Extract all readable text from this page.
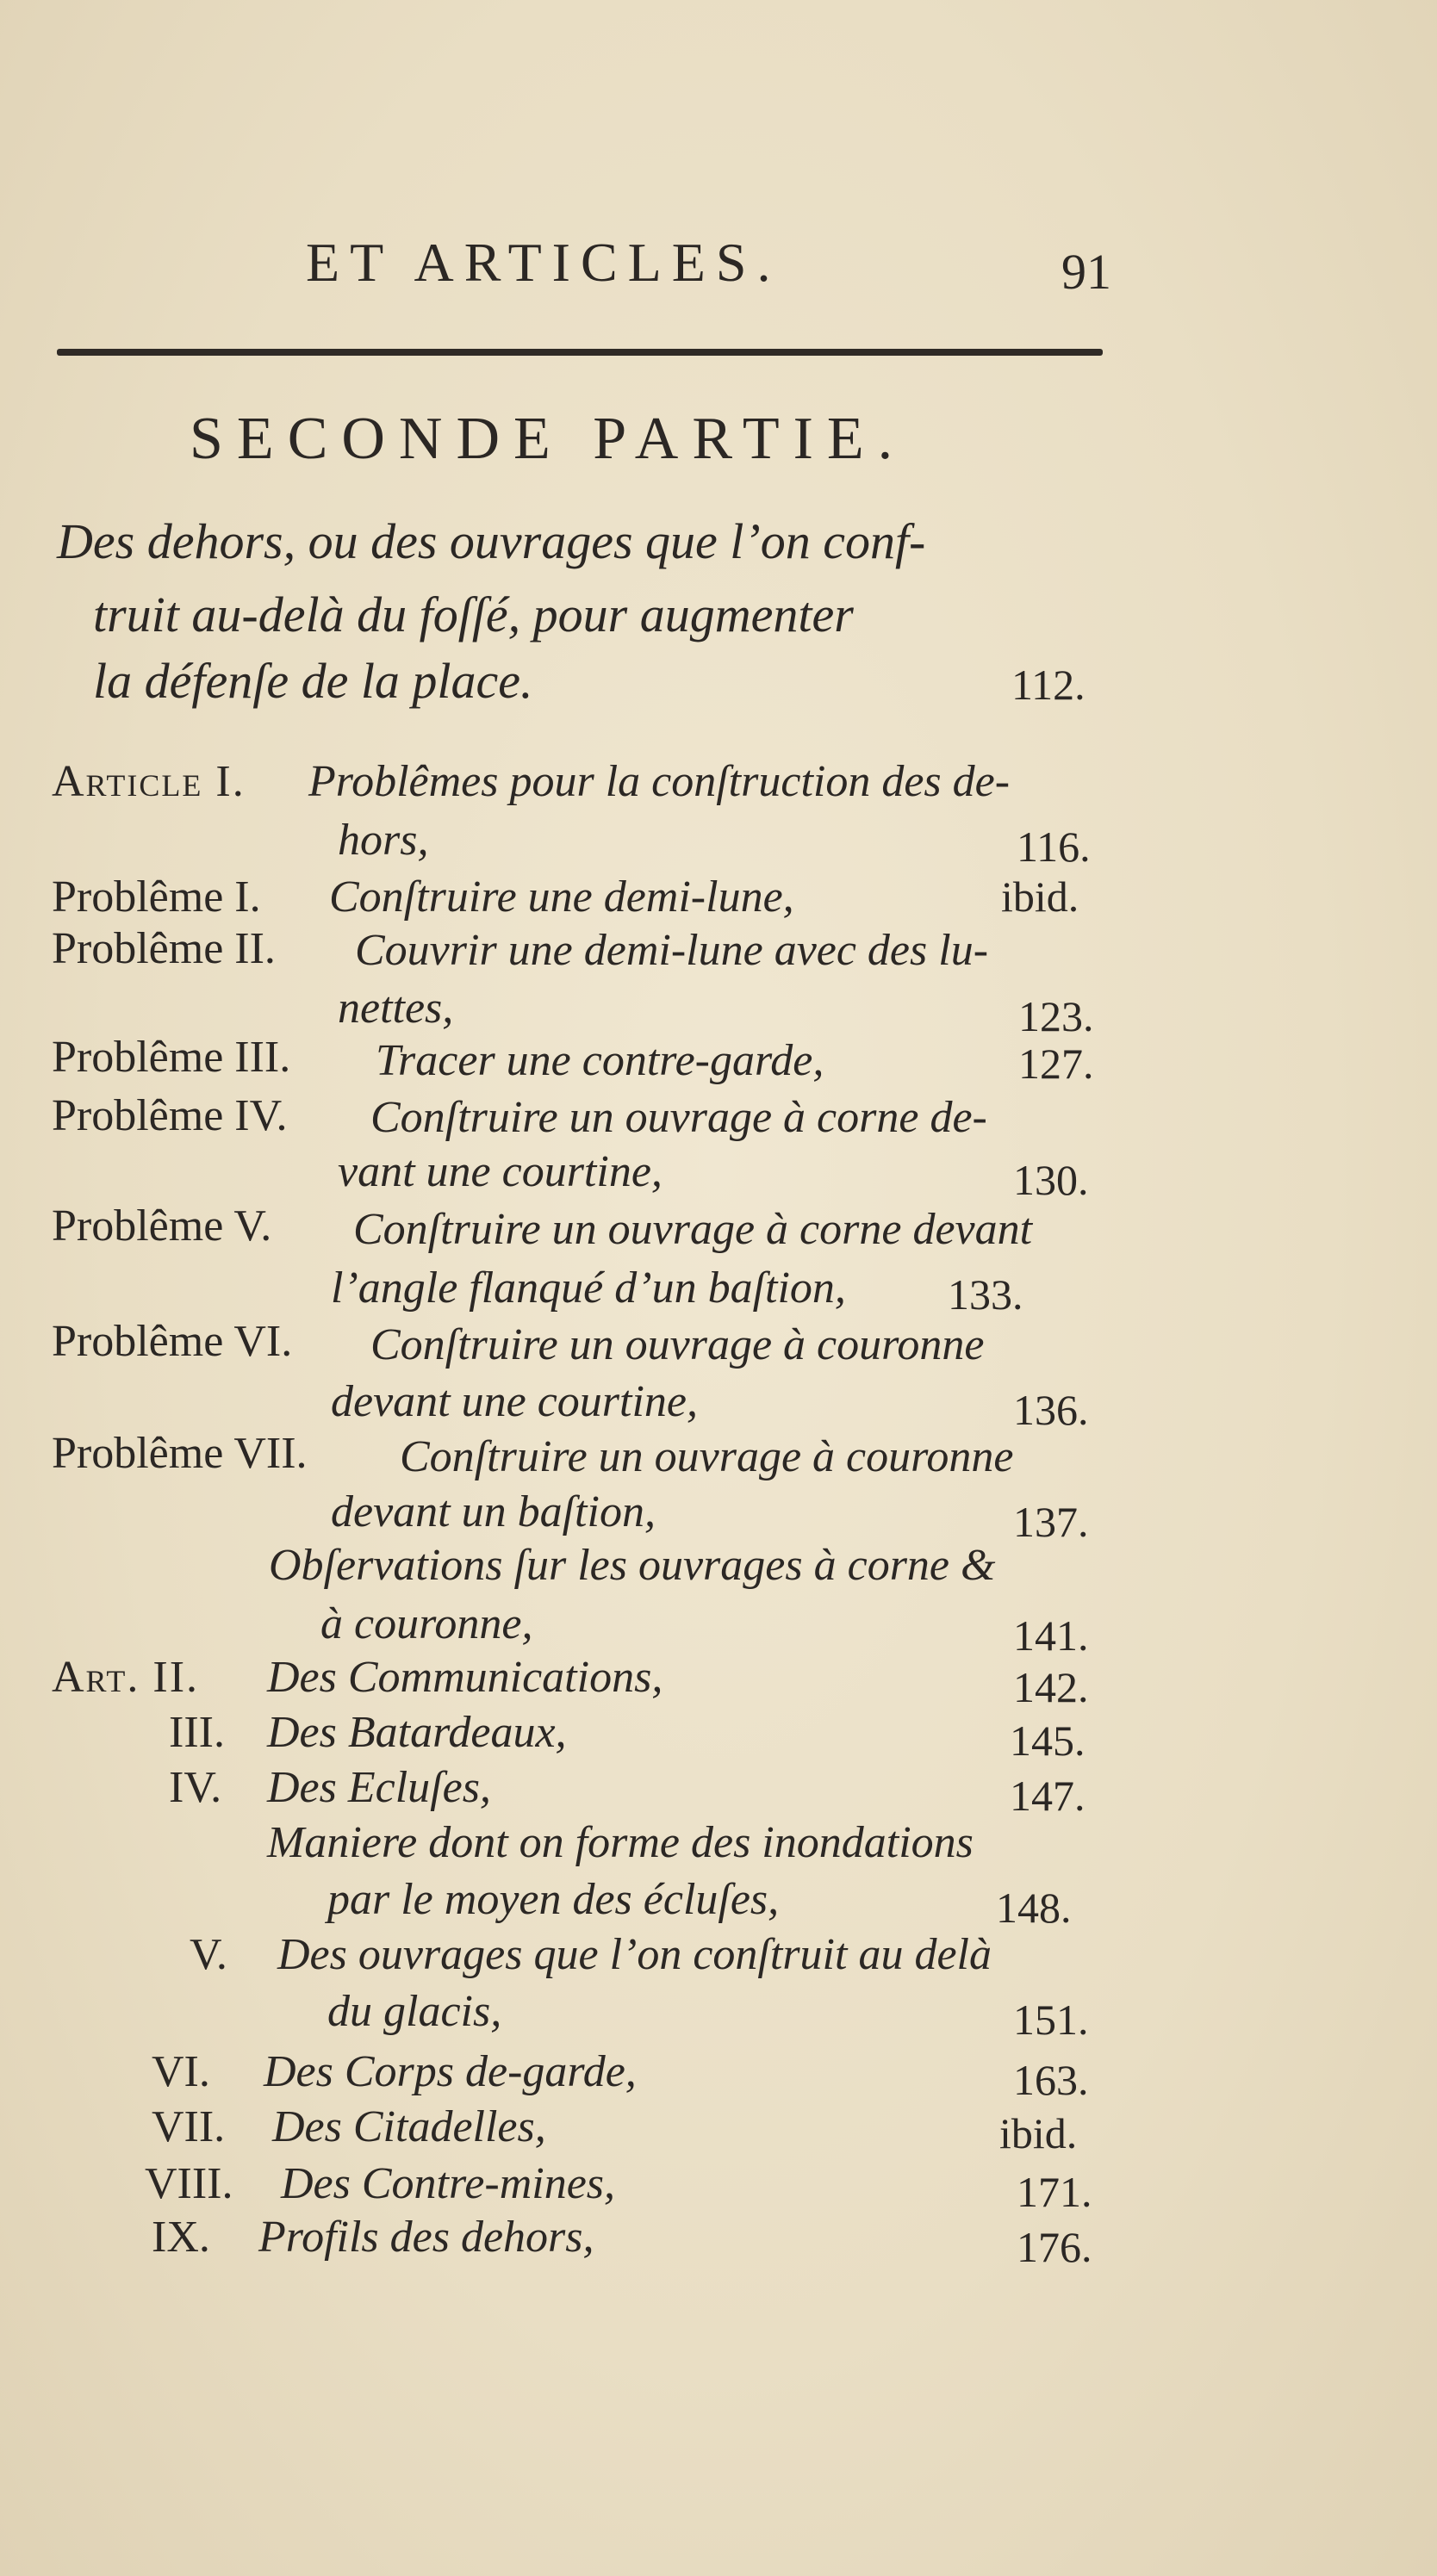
ET ARTICLES.	91
SECONDE PARTIE.
Des dehors, ou des ouvrages que l’on conf-
truit au-delà du foſſé, pour augmenter
la défenſe de la place.	112.
Article I. Problêmes pour la conſtruction des de-
hors,	116.
Problême I. Conſtruire une demi-lune,	ibid.
Problême II. Couvrir une demi-lune avec des lu-
nettes,	123.
Problême III. Tracer une contre-garde,	127.
Problême IV. Conſtruire un ouvrage à corne de-
vant une courtine,	130.
Problême V. Conſtruire un ouvrage à corne devant
l’angle flanqué d’un baſtion, 133.
Problême VI. Conſtruire un ouvrage à couronne
devant une courtine,	136.
Problême VII. Conſtruire un ouvrage à couronne
devant un baſtion,	137.
Obſervations ſur les ouvrages à corne &
à couronne,	141.
Art. II. Des Communications,	142.
III. Des Batardeaux,	145.
IV. Des Ecluſes,	147.
Maniere dont on forme des inondations
par le moyen des écluſes,	148.
V. Des ouvrages que l’on conſtruit au delà
du glacis,	151.
VI. Des Corps de-garde,	163.
VII. Des Citadelles,	ibid.
VIII. Des Contre-mines,	171.
IX. Profils des dehors,	176.
